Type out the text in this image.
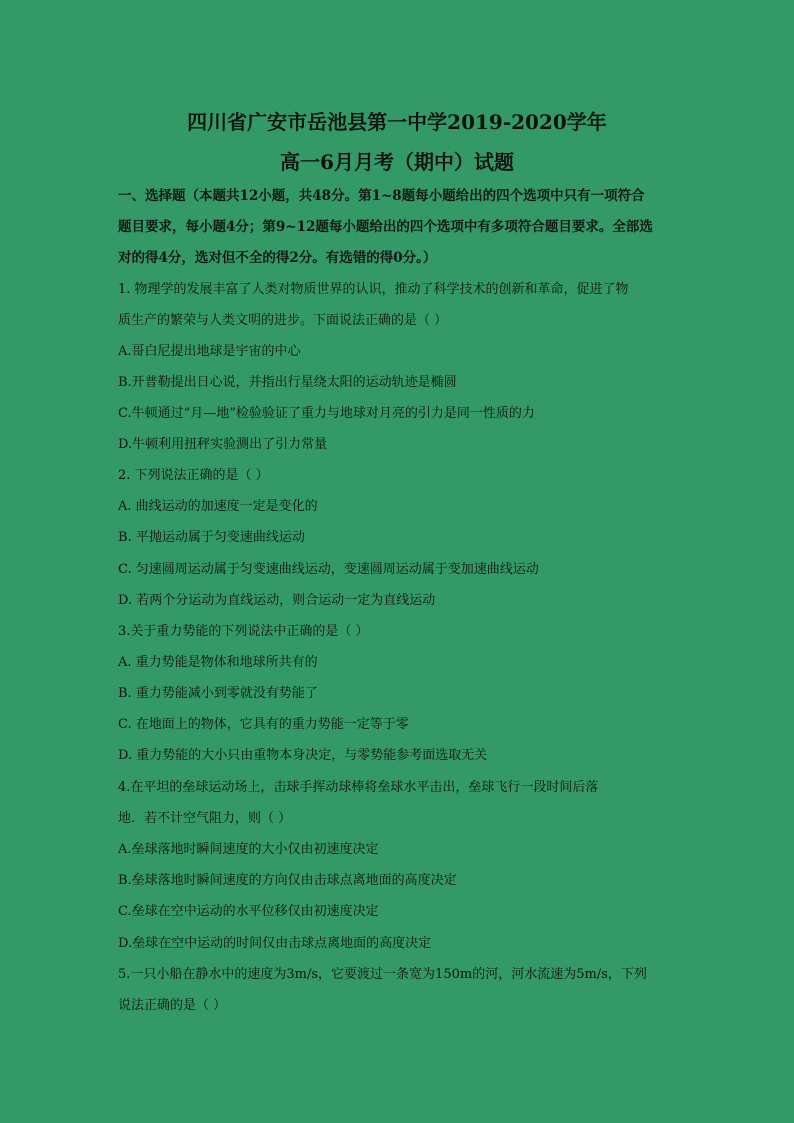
四川省广安市岳池县第一中学2019-2020学年
高一6月月考（期中）试题
一、选择题（本题共12小题，共48分。第1~8题每小题给出的四个选项中只有一项符合
题目要求，每小题4分；第9~12题每小题给出的四个选项中有多项符合题目要求。全部选
对的得4分，选对但不全的得2分。有选错的得0分。）
1. 物理学的发展丰富了人类对物质世界的认识，推动了科学技术的创新和革命，促进了物
质生产的繁荣与人类文明的进步。下面说法正确的是（ ）
A.哥白尼提出地球是宇宙的中心
B.开普勒提出日心说，并指出行星绕太阳的运动轨迹是椭圆
C.牛顿通过“月—地”检验验证了重力与地球对月亮的引力是同一性质的力
D.牛顿利用扭秤实验测出了引力常量
2. 下列说法正确的是（ ）
A. 曲线运动的加速度一定是变化的
B. 平抛运动属于匀变速曲线运动
C. 匀速圆周运动属于匀变速曲线运动，变速圆周运动属于变加速曲线运动
D. 若两个分运动为直线运动，则合运动一定为直线运动
3.关于重力势能的下列说法中正确的是（ ）
A. 重力势能是物体和地球所共有的
B. 重力势能减小到零就没有势能了
C. 在地面上的物体，它具有的重力势能一定等于零
D. 重力势能的大小只由重物本身决定，与零势能参考面选取无关
4.在平坦的垒球运动场上，击球手挥动球棒将垒球水平击出，垒球飞行一段时间后落
地．若不计空气阻力，则（ ）
A.垒球落地时瞬间速度的大小仅由初速度决定
B.垒球落地时瞬间速度的方向仅由击球点离地面的高度决定
C.垒球在空中运动的水平位移仅由初速度决定
D.垒球在空中运动的时间仅由击球点离地面的高度决定
5.一只小船在静水中的速度为3m/s，它要渡过一条宽为150m的河，河水流速为5m/s，下列
说法正确的是（ ）
